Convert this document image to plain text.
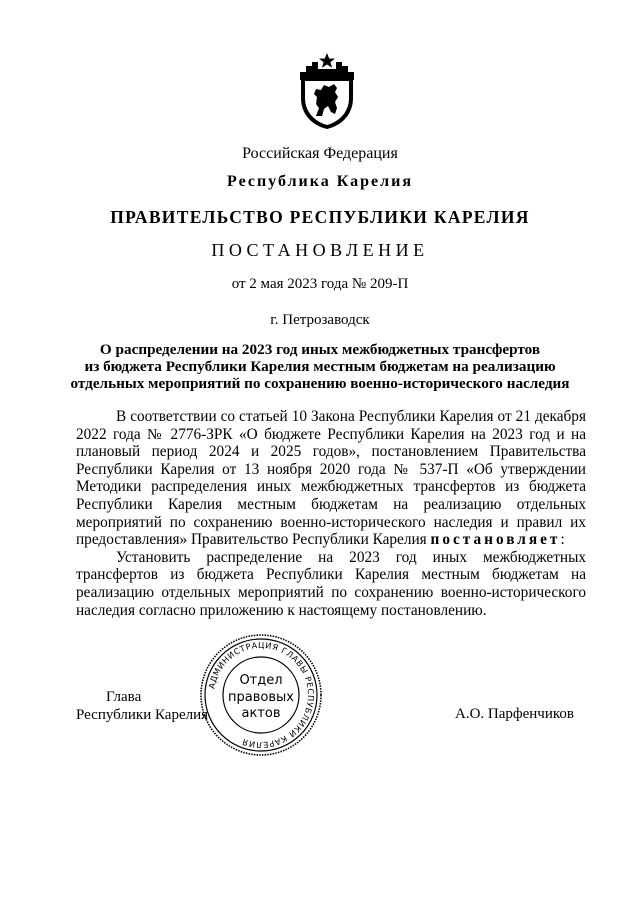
Российская Федерация
Республика Карелия
ПРАВИТЕЛЬСТВО РЕСПУБЛИКИ КАРЕЛИЯ
ПОСТАНОВЛЕНИЕ
от 2 мая 2023 года № 209-П
г. Петрозаводск
О распределении на 2023 год иных межбюджетных трансфертов
из бюджета Республики Карелия местным бюджетам на реализацию
отдельных мероприятий по сохранению военно-исторического наследия

В соответствии со статьей 10 Закона Республики Карелия от 21 декабря 2022 года № 2776-ЗРК «О бюджете Республики Карелия на 2023 год и на плановый период 2024 и 2025 годов», постановлением Правительства Республики Карелия от 13 ноября 2020 года № 537-П «Об утверждении Методики распределения иных межбюджетных трансфертов из бюджета Республики Карелия местным бюджетам на реализацию отдельных мероприятий по сохранению военно-исторического наследия и правил их предоставления» Правительство Республики Карелия постановляет:

Установить распределение на 2023 год иных межбюджетных трансфертов из бюджета Республики Карелия местным бюджетам на реализацию отдельных мероприятий по сохранению военно-исторического наследия согласно приложению к настоящему постановлению.

Глава
Республики Карелия	А.О. Парфенчиков
АДМИНИСТРАЦИЯ ГЛАВЫ РЕСПУБЛИКИ КАРЕЛИЯ
Отдел
правовых
актов
